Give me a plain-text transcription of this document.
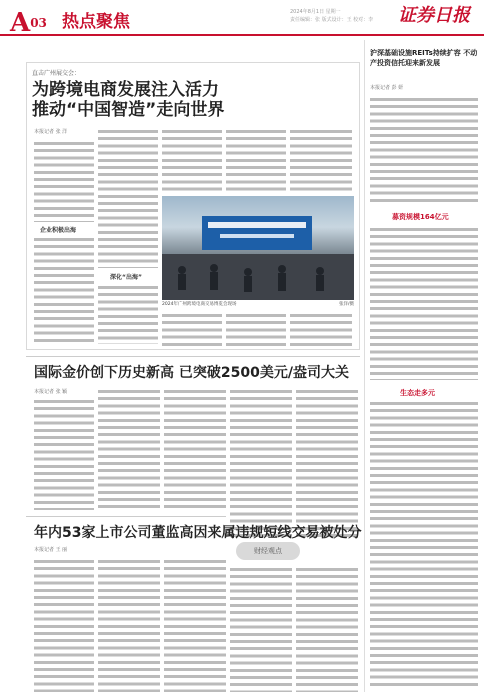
$A^{03}$ 热点聚焦	2024年8月1日 星期一
责任编辑：张 版式设计：王 校对：李 证券日报
直击广州展交会：
为跨境电商发展注入活力
推动“中国智造”走向世界
本报记者 张 洋
企业积极出海
深化“出海”
2024年广州跨境电商交易博览会现场	张洋/摄
沪深基础设施REITs持续扩容 不动产投资信托迎来新发展
本报记者 彭 妍
募资规模164亿元
生态走多元
国际金价创下历史新高 已突破2500美元/盎司大关
本报记者 张 颖
财经观点
年内53家上市公司董监高因来属违规短线交易被处分
本报记者 王 丽
